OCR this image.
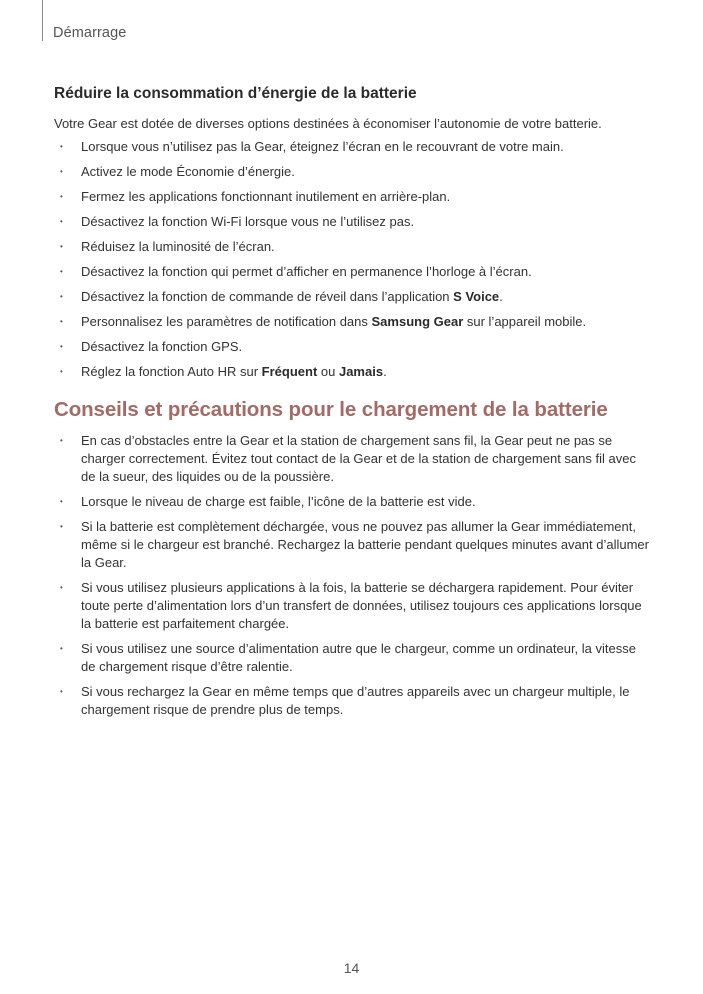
Démarrage
Réduire la consommation d’énergie de la batterie

Votre Gear est dotée de diverses options destinées à économiser l’autonomie de votre batterie.

• Lorsque vous n’utilisez pas la Gear, éteignez l’écran en le recouvrant de votre main.
• Activez le mode Économie d’énergie.
• Fermez les applications fonctionnant inutilement en arrière-plan.
• Désactivez la fonction Wi-Fi lorsque vous ne l’utilisez pas.
• Réduisez la luminosité de l’écran.
• Désactivez la fonction qui permet d’afficher en permanence l’horloge à l’écran.
• Désactivez la fonction de commande de réveil dans l’application S Voice.
• Personnalisez les paramètres de notification dans Samsung Gear sur l’appareil mobile.
• Désactivez la fonction GPS.
• Réglez la fonction Auto HR sur Fréquent ou Jamais.
Conseils et précautions pour le chargement de la batterie
• En cas d’obstacles entre la Gear et la station de chargement sans fil, la Gear peut ne pas se charger correctement. Évitez tout contact de la Gear et de la station de chargement sans fil avec de la sueur, des liquides ou de la poussière.
• Lorsque le niveau de charge est faible, l’icône de la batterie est vide.
• Si la batterie est complètement déchargée, vous ne pouvez pas allumer la Gear immédiatement, même si le chargeur est branché. Rechargez la batterie pendant quelques minutes avant d’allumer la Gear.
• Si vous utilisez plusieurs applications à la fois, la batterie se déchargera rapidement. Pour éviter toute perte d’alimentation lors d’un transfert de données, utilisez toujours ces applications lorsque la batterie est parfaitement chargée.
• Si vous utilisez une source d’alimentation autre que le chargeur, comme un ordinateur, la vitesse de chargement risque d’être ralentie.
• Si vous rechargez la Gear en même temps que d’autres appareils avec un chargeur multiple, le chargement risque de prendre plus de temps.
14
